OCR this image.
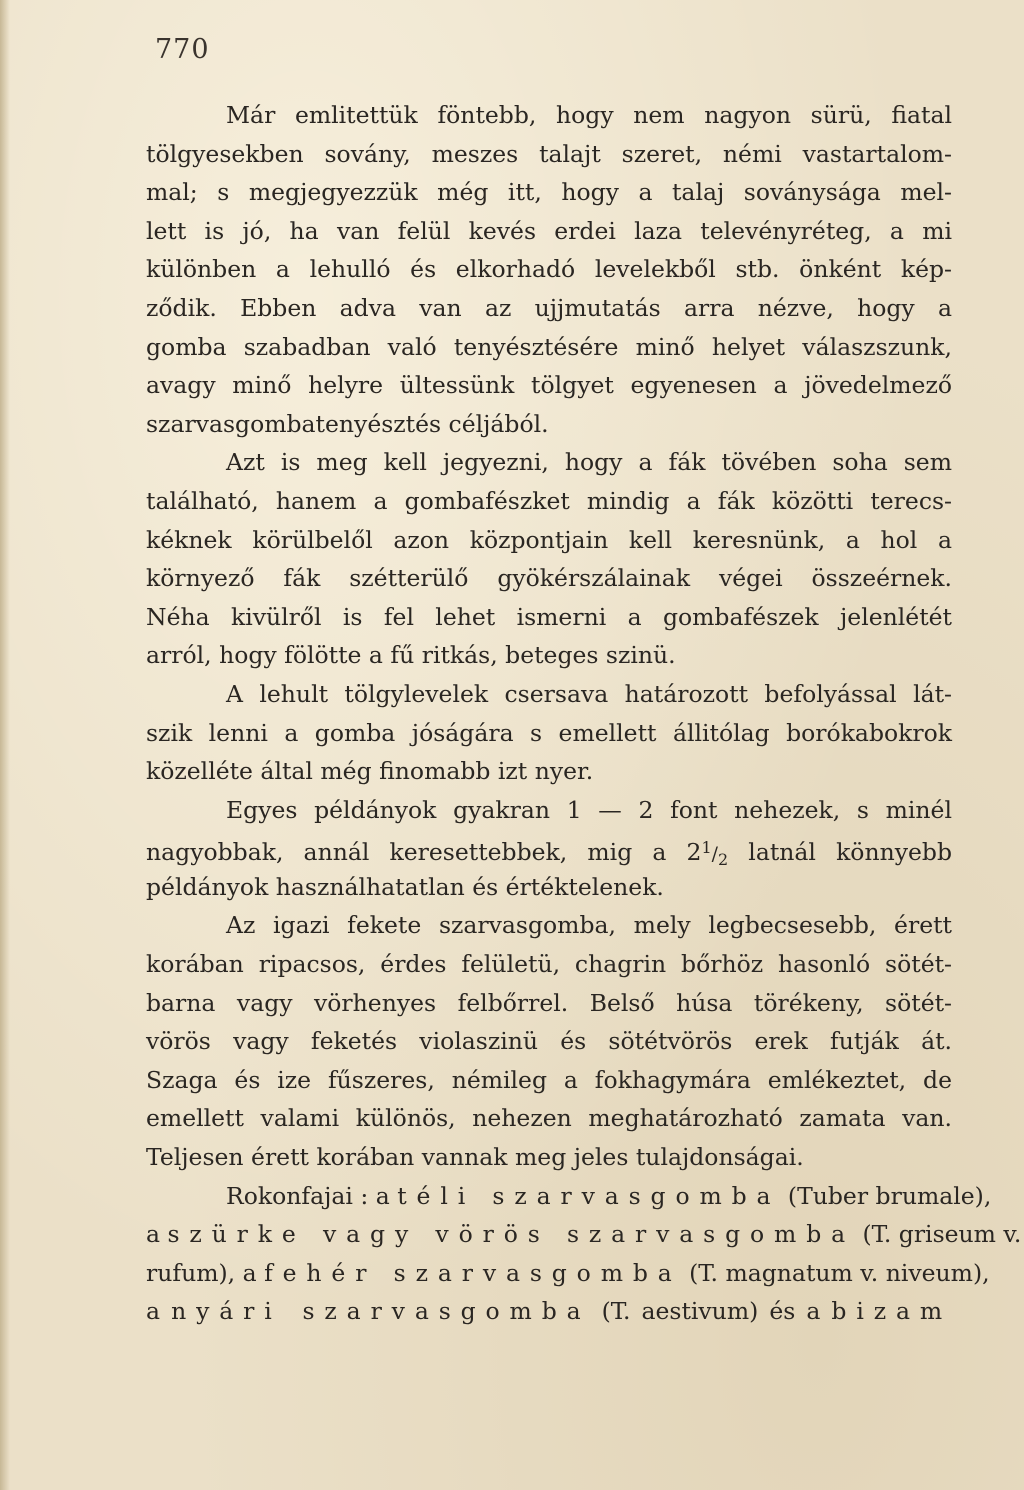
770
Már emlitettük föntebb, hogy nem nagyon sürü, fiatal
tölgyesekben sovány, meszes talajt szeret, némi vastartalom-
mal; s megjegyezzük még itt, hogy a talaj soványsága mel-
lett is jó, ha van felül kevés erdei laza televényréteg, a mi
különben a lehulló és elkorhadó levelekből stb. önként kép-
ződik. Ebben adva van az ujjmutatás arra nézve, hogy a
gomba szabadban való tenyésztésére minő helyet válaszszunk,
avagy minő helyre ültessünk tölgyet egyenesen a jövedelmező
szarvasgombatenyésztés céljából.
Azt is meg kell jegyezni, hogy a fák tövében soha sem
található, hanem a gombafészket mindig a fák közötti terecs-
kéknek körülbelől azon központjain kell keresnünk, a hol a
környező fák szétterülő gyökérszálainak végei összeérnek.
Néha kivülről is fel lehet ismerni a gombafészek jelenlétét
arról, hogy fölötte a fű ritkás, beteges szinü.
A lehult tölgylevelek csersava határozott befolyással lát-
szik lenni a gomba jóságára s emellett állitólag borókabokrok
közelléte által még finomabb izt nyer.
Egyes példányok gyakran 1 — 2 font nehezek, s minél
nagyobbak, annál keresettebbek, mig a $2^1/_2$ latnál könnyebb
példányok használhatatlan és értéktelenek.
Az igazi fekete szarvasgomba, mely legbecsesebb, érett
korában ripacsos, érdes felületü, chagrin bőrhöz hasonló sötét-
barna vagy vörhenyes felbőrrel. Belső húsa törékeny, sötét-
vörös vagy feketés violaszinü és sötétvörös erek futják át.
Szaga és ize fűszeres, némileg a fokhagymára emlékeztet, de
emellett valami különös, nehezen meghatározható zamata van.
Teljesen érett korában vannak meg jeles tulajdonságai.
Rokonfajai : a téli szarvasgomba (Tuber brumale),
a szürke vagy vörös szarvasgomba (T. griseum v.
rufum), a fehér szarvasgomba (T. magnatum v. niveum),
a nyári szarvasgomba (T. aestivum) és a bizam
